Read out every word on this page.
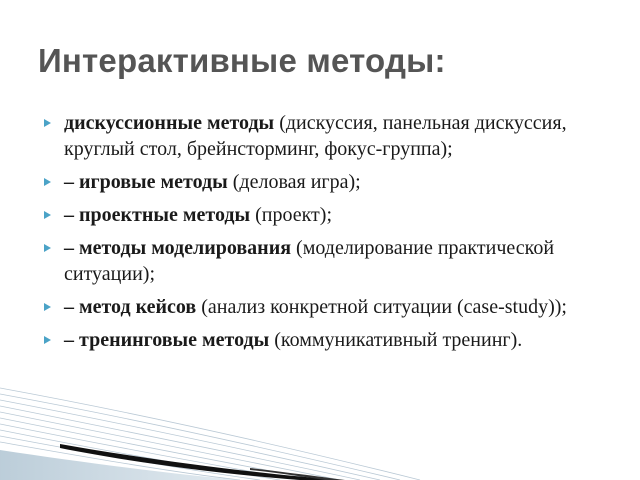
Интерактивные методы:
дискуссионные методы (дискуссия, панельная дискуссия, круглый стол, брейнсторминг, фокус-группа);
– игровые методы (деловая игра);
– проектные методы (проект);
– методы моделирования (моделирование практической ситуации);
– метод кейсов (анализ конкретной ситуации (case-study));
– тренинговые методы (коммуникативный тренинг).
